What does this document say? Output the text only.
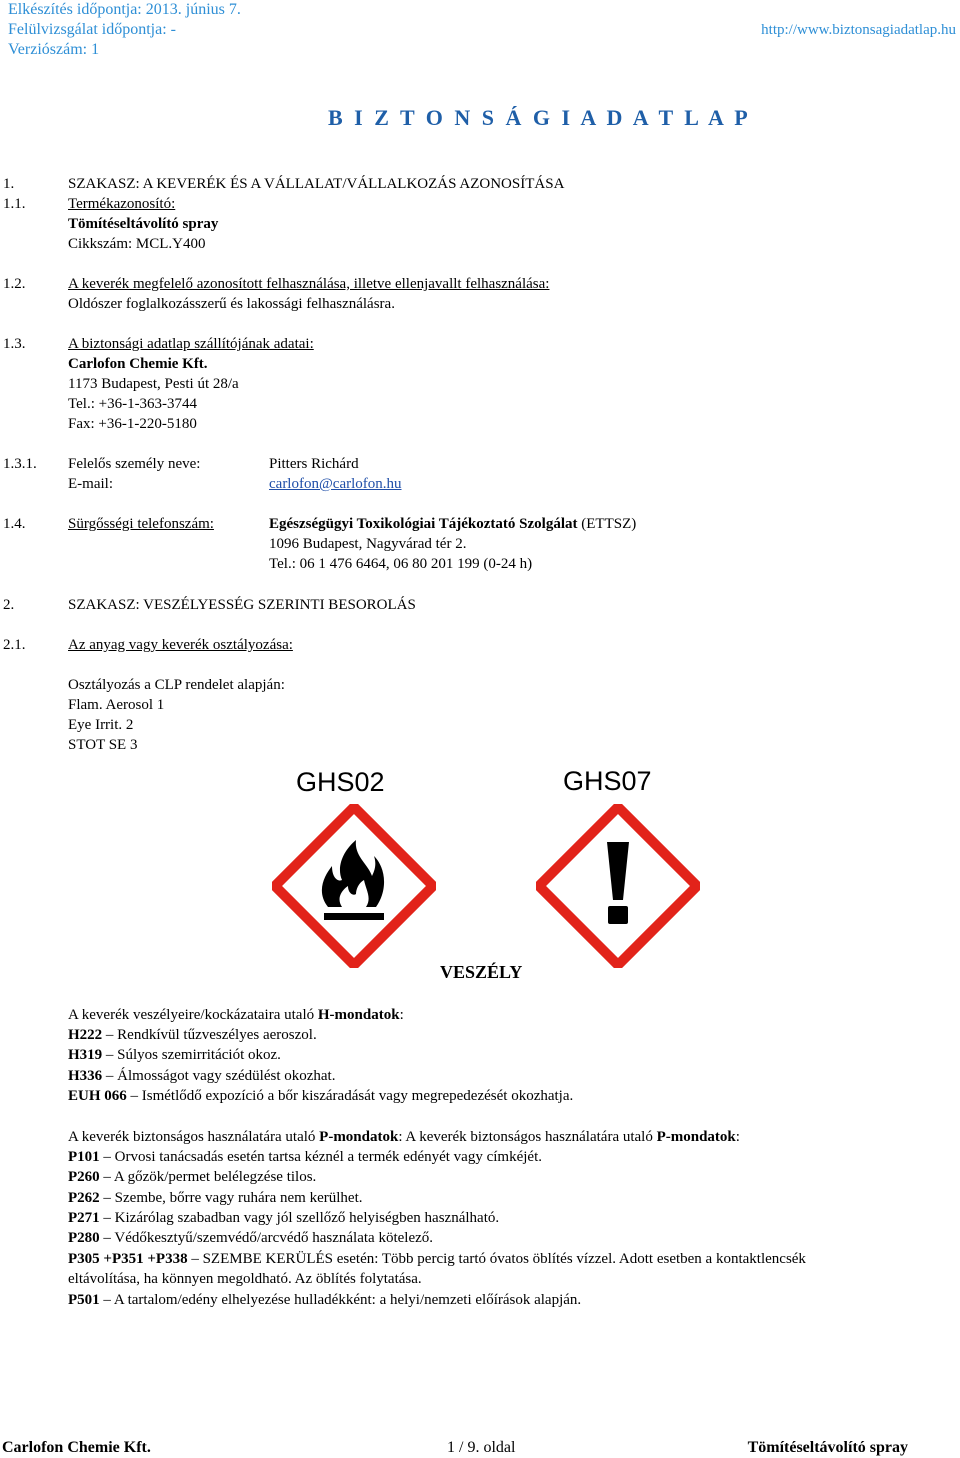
Elkészítés időpontja: 2013. június 7.
Felülvizsgálat időpontja: -
Verziószám: 1
http://www.biztonsagiadatlap.hu
B I Z T O N S Á G I A D A T L A P
1.	SZAKASZ: A KEVERÉK ÉS A VÁLLALAT/VÁLLALKOZÁS AZONOSÍTÁSA
1.1.	Termékazonosító:
Tömítéseltávolító spray
Cikkszám: MCL.Y400
1.2.	A keverék megfelelő azonosított felhasználása, illetve ellenjavallt felhasználása:
Oldószer foglalkozásszerű és lakossági felhasználásra.
1.3.	A biztonsági adatlap szállítójának adatai:
Carlofon Chemie Kft.
1173 Budapest, Pesti út 28/a
Tel.: +36-1-363-3744
Fax: +36-1-220-5180
1.3.1. Felelős személy neve:	Pitters Richárd
E-mail:	carlofon@carlofon.hu
1.4.	Sürgősségi telefonszám:	Egészségügyi Toxikológiai Tájékoztató Szolgálat (ETTSZ)
1096 Budapest, Nagyvárad tér 2.
Tel.: 06 1 476 6464, 06 80 201 199 (0-24 h)
2.	SZAKASZ: VESZÉLYESSÉG SZERINTI BESOROLÁS
2.1.	Az anyag vagy keverék osztályozása:
Osztályozás a CLP rendelet alapján:
Flam. Aerosol 1
Eye Irrit. 2
STOT SE 3
GHS02	GHS07
VESZÉLY
A keverék veszélyeire/kockázataira utaló H-mondatok:
H222 – Rendkívül tűzveszélyes aeroszol.
H319 – Súlyos szemirritációt okoz.
H336 – Álmosságot vagy szédülést okozhat.
EUH 066 – Ismétlődő expozíció a bőr kiszáradását vagy megrepedezését okozhatja.
A keverék biztonságos használatára utaló P-mondatok: A keverék biztonságos használatára utaló P-mondatok:
P101 – Orvosi tanácsadás esetén tartsa kéznél a termék edényét vagy címkéjét.
P260 – A gőzök/permet belélegzése tilos.
P262 – Szembe, bőrre vagy ruhára nem kerülhet.
P271 – Kizárólag szabadban vagy jól szellőző helyiségben használható.
P280 – Védőkesztyű/szemvédő/arcvédő használata kötelező.
P305 +P351 +P338 – SZEMBE KERÜLÉS esetén: Több percig tartó óvatos öblítés vízzel. Adott esetben a kontaktlencsék
eltávolítása, ha könnyen megoldható. Az öblítés folytatása.
P501 – A tartalom/edény elhelyezése hulladékként: a helyi/nemzeti előírások alapján.
Carlofon Chemie Kft.	1 / 9. oldal	Tömítéseltávolító spray
